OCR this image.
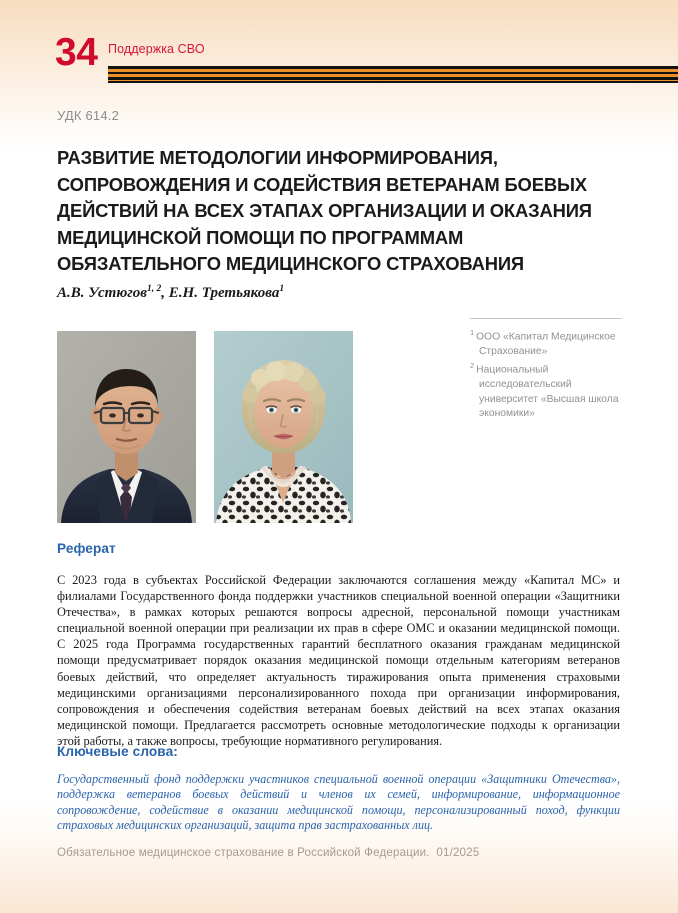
34 Поддержка СВО
УДК 614.2
РАЗВИТИЕ МЕТОДОЛОГИИ ИНФОРМИРОВАНИЯ, СОПРОВОЖДЕНИЯ И СОДЕЙСТВИЯ ВЕТЕРАНАМ БОЕВЫХ ДЕЙСТВИЙ НА ВСЕХ ЭТАПАХ ОРГАНИЗАЦИИ И ОКАЗАНИЯ МЕДИЦИНСКОЙ ПОМОЩИ ПО ПРОГРАММАМ ОБЯЗАТЕЛЬНОГО МЕДИЦИНСКОГО СТРАХОВАНИЯ
А.В. Устюгов$^{1, 2}$, Е.Н. Третьякова$^1$
$^1$ ООО «Капитал Медицинское Страхование»
$^2$ Национальный исследовательский университет «Высшая школа экономики»
Реферат
С 2023 года в субъектах Российской Федерации заключаются соглашения между «Капитал МС» и филиалами Государственного фонда поддержки участников специальной военной операции «Защитники Отечества», в рамках которых решаются вопросы адресной, персональной помощи участникам специальной военной операции при реализации их прав в сфере ОМС и оказании медицинской помощи. С 2025 года Программа государственных гарантий бесплатного оказания гражданам медицинской помощи предусматривает порядок оказания медицинской помощи отдельным категориям ветеранов боевых действий, что определяет актуальность тиражирования опыта применения страховыми медицинскими организациями персонализированного похода при организации информирования, сопровождения и обеспечения содействия ветеранам боевых действий на всех этапах оказания медицинской помощи. Предлагается рассмотреть основные методологические подходы к организации этой работы, а также вопросы, требующие нормативного регулирования.
Ключевые слова:
Государственный фонд поддержки участников специальной военной операции «Защитники Отечества», поддержка ветеранов боевых действий и членов их семей, информирование, информационное сопровождение, содействие в оказании медицинской помощи, персонализированный поход, функции страховых медицинских организаций, защита прав застрахованных лиц.
Обязательное медицинское страхование в Российской Федерации. 01/2025
